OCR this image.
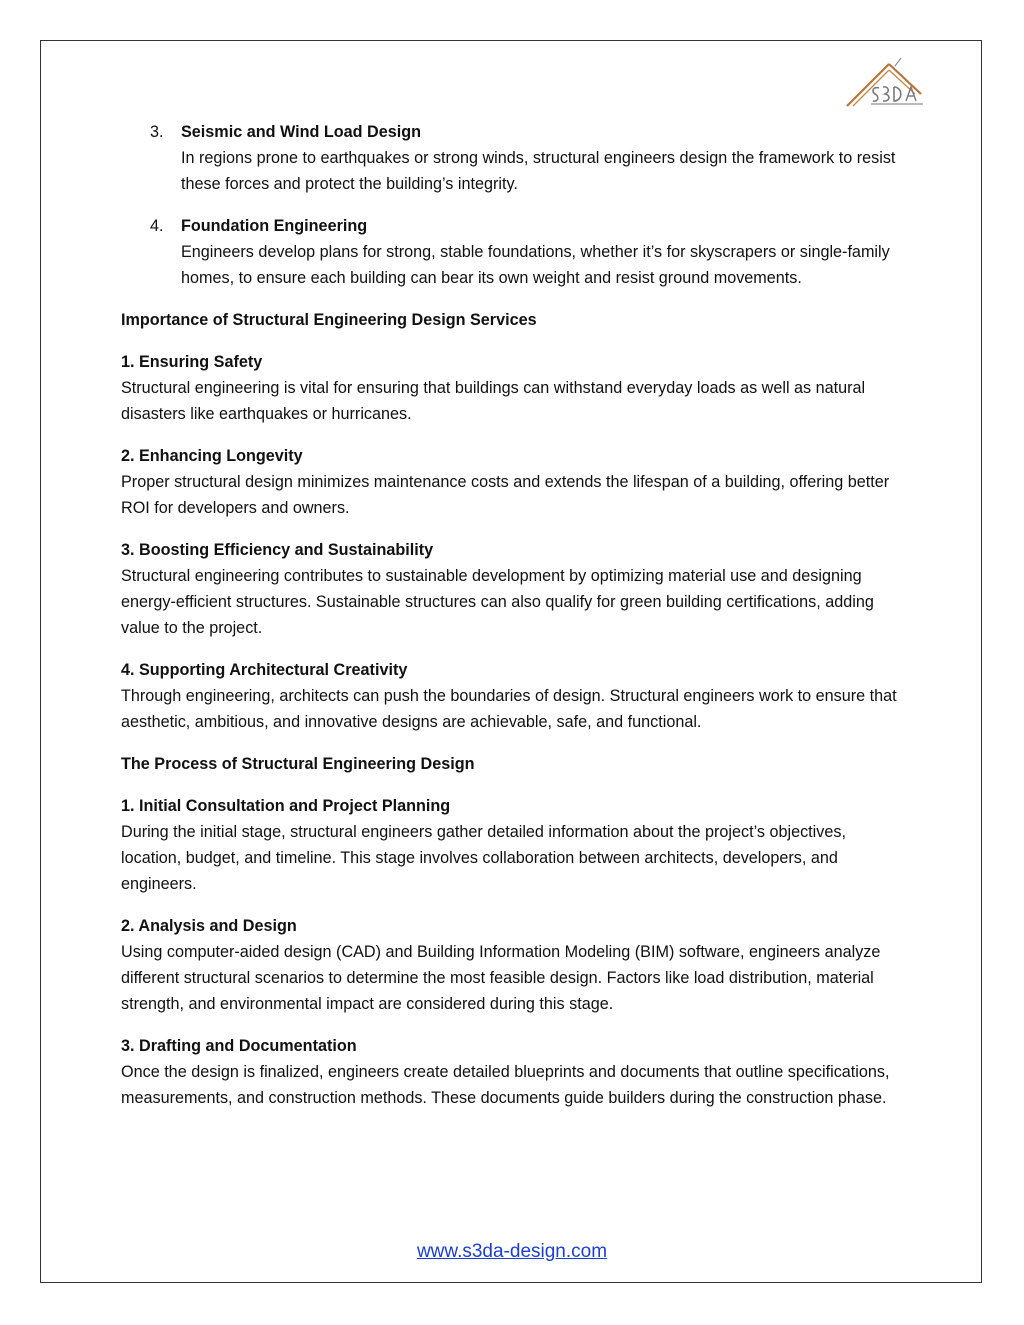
3.	Seismic and Wind Load Design
In regions prone to earthquakes or strong winds, structural engineers design the framework to resist these forces and protect the building’s integrity.
4.	Foundation Engineering
Engineers develop plans for strong, stable foundations, whether it’s for skyscrapers or single-family homes, to ensure each building can bear its own weight and resist ground movements.
Importance of Structural Engineering Design Services
1. Ensuring Safety
Structural engineering is vital for ensuring that buildings can withstand everyday loads as well as natural disasters like earthquakes or hurricanes.
2. Enhancing Longevity
Proper structural design minimizes maintenance costs and extends the lifespan of a building, offering better ROI for developers and owners.
3. Boosting Efficiency and Sustainability
Structural engineering contributes to sustainable development by optimizing material use and designing energy-efficient structures. Sustainable structures can also qualify for green building certifications, adding value to the project.
4. Supporting Architectural Creativity
Through engineering, architects can push the boundaries of design. Structural engineers work to ensure that aesthetic, ambitious, and innovative designs are achievable, safe, and functional.
The Process of Structural Engineering Design
1. Initial Consultation and Project Planning
During the initial stage, structural engineers gather detailed information about the project’s objectives, location, budget, and timeline. This stage involves collaboration between architects, developers, and engineers.
2. Analysis and Design
Using computer-aided design (CAD) and Building Information Modeling (BIM) software, engineers analyze different structural scenarios to determine the most feasible design. Factors like load distribution, material strength, and environmental impact are considered during this stage.
3. Drafting and Documentation
Once the design is finalized, engineers create detailed blueprints and documents that outline specifications, measurements, and construction methods. These documents guide builders during the construction phase.
www.s3da-design.com
